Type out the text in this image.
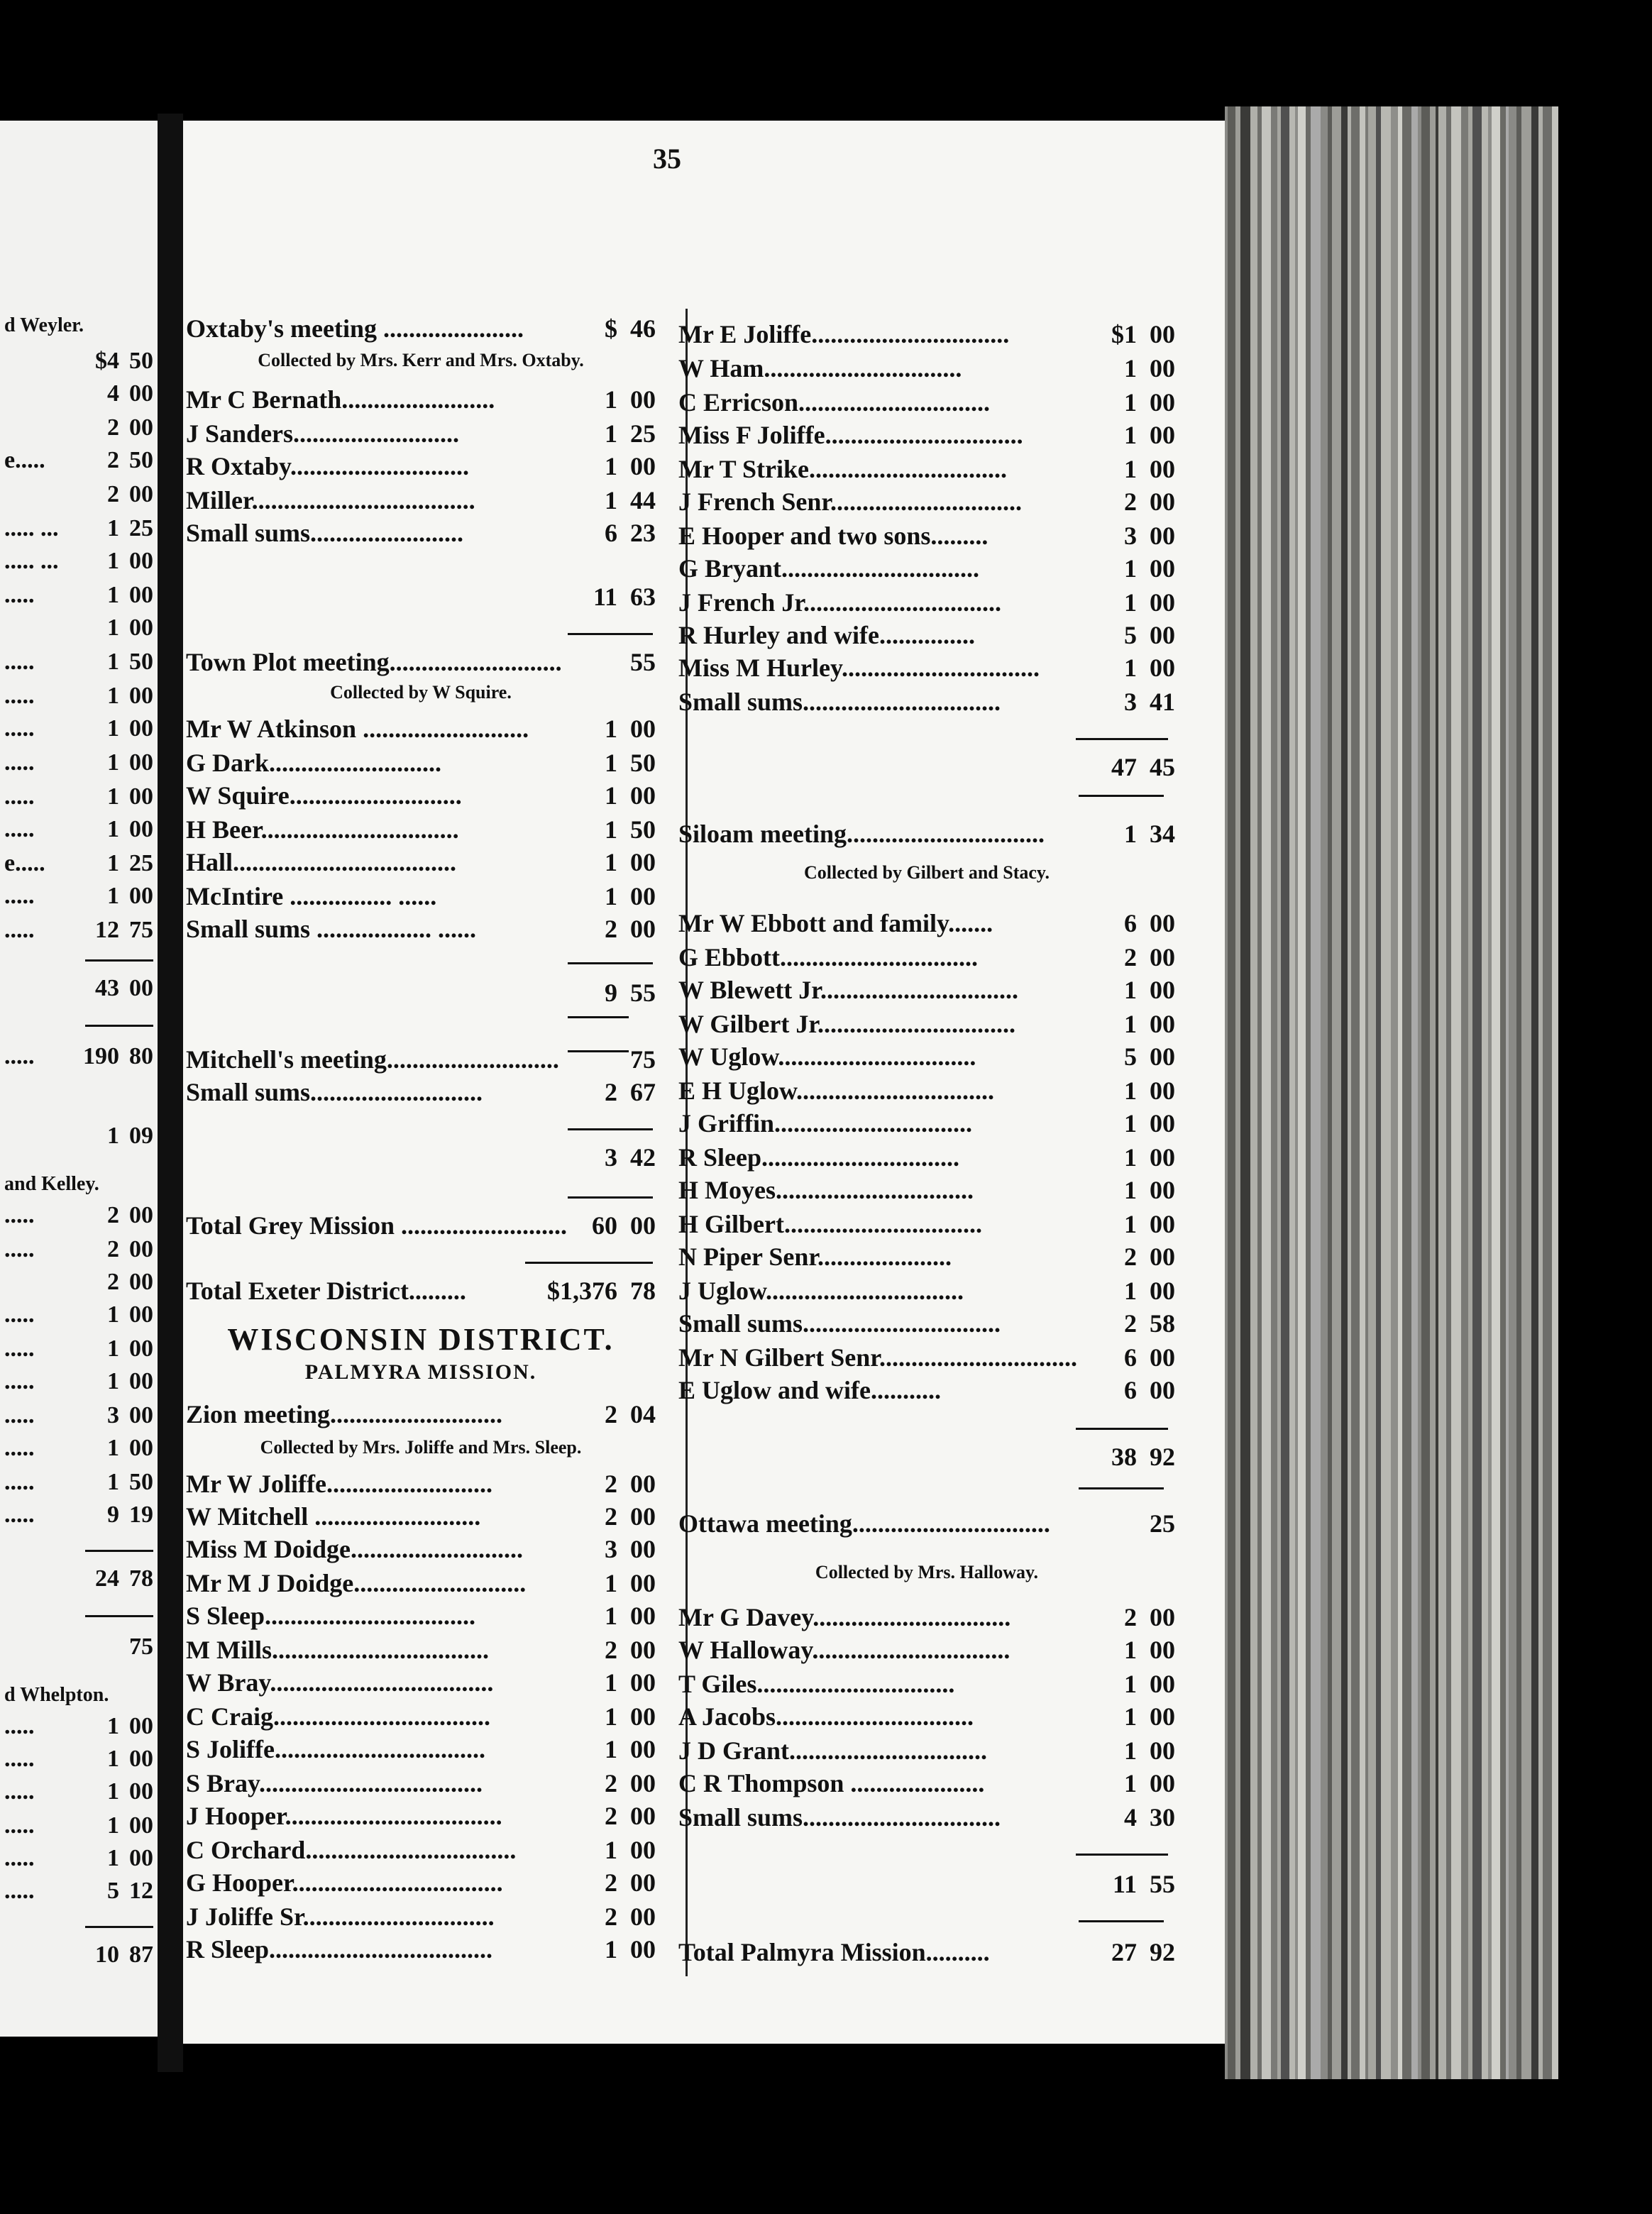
35
Oxtaby's meeting ......................	$ 46
Collected by Mrs. Kerr and Mrs. Oxtaby.
Mr C Bernath........................	1 00
J Sanders..........................	1 25
R Oxtaby............................	1 00
Miller...................................	1 44
Small sums........................	6 23
11 63
Town Plot meeting...........................	55
Collected by W Squire.
Mr W Atkinson ..........................	1 00
G Dark...........................	1 50
W Squire...........................	1 00
H Beer...............................	1 50
Hall...................................	1 00
McIntire ................ ......	1 00
Small sums .................. ......	2 00
9 55
Mitchell's meeting...........................	75
Small sums...........................	2 67
3 42
Total Grey Mission .......................... 60 00
Total Exeter District.........	$1,376 78
WISCONSIN DISTRICT.
PALMYRA MISSION.
Zion meeting...........................	2 04
Collected by Mrs. Joliffe and Mrs. Sleep.
Mr W Joliffe..........................	2 00
W Mitchell ..........................	2 00
Miss M Doidge...........................	3 00
Mr M J Doidge...........................	1 00
S Sleep.................................	1 00
M Mills..................................	2 00
W Bray...................................	1 00
C Craig..................................	1 00
S Joliffe.................................	1 00
S Bray...................................	2 00
J Hooper..................................	2 00
C Orchard.................................	1 00
G Hooper.................................	2 00
J Joliffe Sr..............................	2 00
R Sleep...................................	1 00
Mr E Joliffe...............................	$1 00
W Ham...............................	1 00
C Erricson..............................	1 00
Miss F Joliffe...............................	1 00
Mr T Strike...............................	1 00
J French Senr..............................	2 00
E Hooper and two sons.........	3 00
G Bryant...............................	1 00
J French Jr...............................	1 00
R Hurley and wife...............	5 00
Miss M Hurley...............................	1 00
Small sums...............................	3 41
47 45
Siloam meeting...............................	1 34
Collected by Gilbert and Stacy.
Mr W Ebbott and family.......	6 00
G Ebbott...............................	2 00
W Blewett Jr...............................	1 00
W Gilbert Jr...............................	1 00
W Uglow...............................	5 00
E H Uglow...............................	1 00
J Griffin...............................	1 00
R Sleep...............................	1 00
H Moyes...............................	1 00
H Gilbert...............................	1 00
N Piper Senr.....................	2 00
J Uglow...............................	1 00
Small sums...............................	2 58
Mr N Gilbert Senr............................... 6 00
E Uglow and wife...........	6 00
38 92
Ottawa meeting...............................	25
Collected by Mrs. Halloway.
Mr G Davey...............................	2 00
W Halloway...............................	1 00
T Giles...............................	1 00
A Jacobs...............................	1 00
J D Grant...............................	1 00
C R Thompson .....................	1 00
Small sums...............................	4 30
11 55
Total Palmyra Mission..........	27 92
d Weyler.
$4 50
4 00
2 00
e.....	2 50
2 00
..... ... 1 25
..... ... 1 00
.....	1 00
1 00
.....	1 50
.....	1 00
.....	1 00
.....	1 00
.....	1 00
.....	1 00
e.....	1 25
.....	1 00
.....	12 75
43 00
..... 190 80
1 09
and Kelley.
.....	2 00
.....	2 00
2 00
.....	1 00
.....	1 00
.....	1 00
.....	3 00
.....	1 00
.....	1 50
.....	9 19
24 78
75
d Whelpton.
.....	1 00
.....	1 00
.....	1 00
.....	1 00
.....	1 00
.....	5 12
10 87
